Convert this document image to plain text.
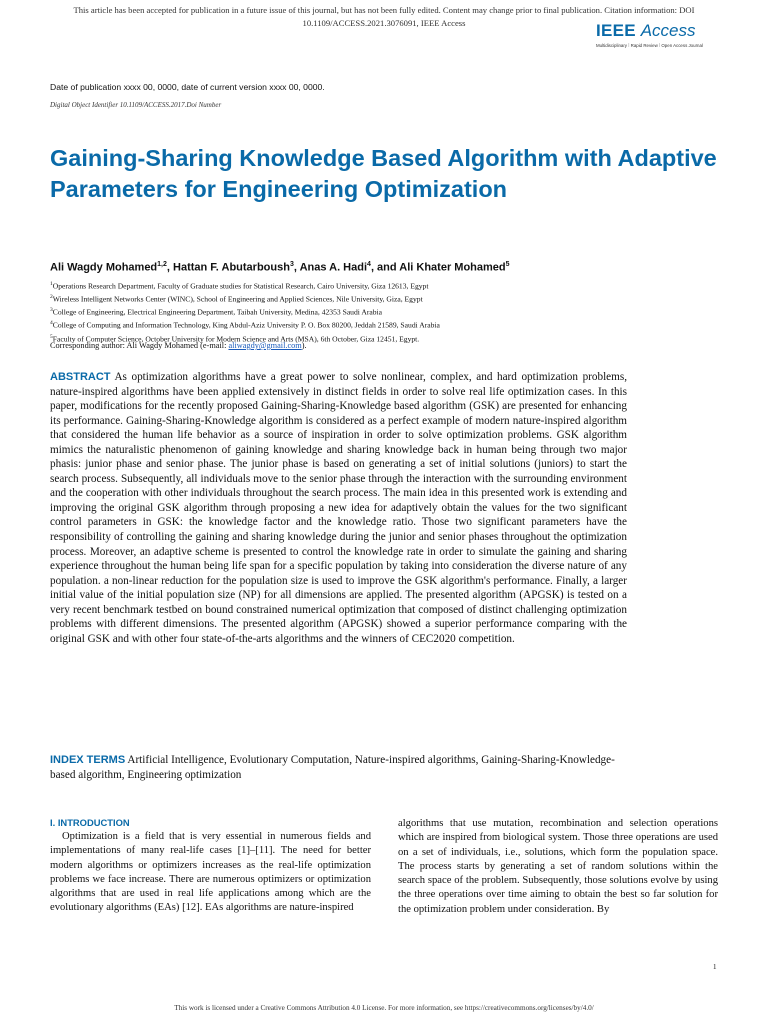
This article has been accepted for publication in a future issue of this journal, but has not been fully edited. Content may change prior to final publication. Citation information: DOI
10.1109/ACCESS.2021.3076091, IEEE Access	IEEE Access
Multidisciplinary ⁞ Rapid Review ⁞ Open Access Journal
Date of publication xxxx 00, 0000, date of current version xxxx 00, 0000.
Digital Object Identifier 10.1109/ACCESS.2017.Doi Number
Gaining-Sharing Knowledge Based Algorithm with Adaptive Parameters for Engineering Optimization
Ali Wagdy Mohamed$^{1,2}$, Hattan F. Abutarboush$^3$, Anas A. Hadi$^4$, and Ali Khater Mohamed$^5$
$^1$Operations Research Department, Faculty of Graduate studies for Statistical Research, Cairo University, Giza 12613, Egypt
$^2$Wireless Intelligent Networks Center (WINC), School of Engineering and Applied Sciences, Nile University, Giza, Egypt
$^3$College of Engineering, Electrical Engineering Department, Taibah University, Medina, 42353 Saudi Arabia
$^4$College of Computing and Information Technology, King Abdul-Aziz University P. O. Box 80200, Jeddah 21589, Saudi Arabia
$^5$Faculty of Computer Science, October University for Modern Science and Arts (MSA), 6th October, Giza 12451, Egypt.
Corresponding author: Ali Wagdy Mohamed (e-mail: aliwagdy@gmail.com).

ABSTRACT As optimization algorithms have a great power to solve nonlinear, complex, and hard optimization problems, nature-inspired algorithms have been applied extensively in distinct fields in order to solve real life optimization cases. In this paper, modifications for the recently proposed Gaining-Sharing-Knowledge based algorithm (GSK) are presented for enhancing its performance. Gaining-Sharing-Knowledge algorithm is considered as a perfect example of modern nature-inspired algorithm that considered the human life behavior as a source of inspiration in order to solve optimization problems. GSK algorithm mimics the naturalistic phenomenon of gaining knowledge and sharing knowledge back in human being through two major phasis: junior phase and senior phase. The junior phase is based on generating a set of initial solutions (juniors) to start the search process. Subsequently, all individuals move to the senior phase through the interaction with the surrounding environment and the cooperation with other individuals throughout the search process. The main idea in this presented work is extending and improving the original GSK algorithm through proposing a new idea for adaptively obtain the values for the two significant control parameters in GSK: the knowledge factor and the knowledge ratio. Those two significant parameters have the responsibility of controlling the gaining and sharing knowledge during the junior and senior phases throughout the optimization process. Moreover, an adaptive scheme is presented to control the knowledge rate in order to simulate the gaining and sharing experience throughout the human being life span for a specific population by taking into consideration the diverse nature of any population. a non-linear reduction for the population size is used to improve the GSK algorithm's performance. Finally, a larger initial value of the initial population size (NP) for all dimensions are applied. The presented algorithm (APGSK) is tested on a very recent benchmark testbed on bound constrained numerical optimization that composed of distinct challenging optimization problems with different dimensions. The presented algorithm (APGSK) showed a superior performance comparing with the original GSK and with other four state-of-the-arts algorithms and the winners of CEC2020 competition.

INDEX TERMS Artificial Intelligence, Evolutionary Computation, Nature-inspired algorithms, Gaining-Sharing-Knowledge-based algorithm, Engineering optimization

I. INTRODUCTION

Optimization is a field that is very essential in numerous fields and implementations of many real-life cases [1]–[11]. The need for better modern algorithms or optimizers increases as the real-life optimization problems we face increase. There are numerous optimizers or optimization algorithms that are used in real life applications among which are the evolutionary algorithms (EAs) [12]. EAs algorithms are nature-inspired

algorithms that use mutation, recombination and selection operations which are inspired from biological system. Those three operations are used on a set of individuals, i.e., solutions, which form the population space. The process starts by generating a set of random solutions within the search space of the problem. Subsequently, those solutions evolve by using the three operations over time aiming to obtain the best so far solution for the optimization problem under consideration. By

1
This work is licensed under a Creative Commons Attribution 4.0 License. For more information, see https://creativecommons.org/licenses/by/4.0/
